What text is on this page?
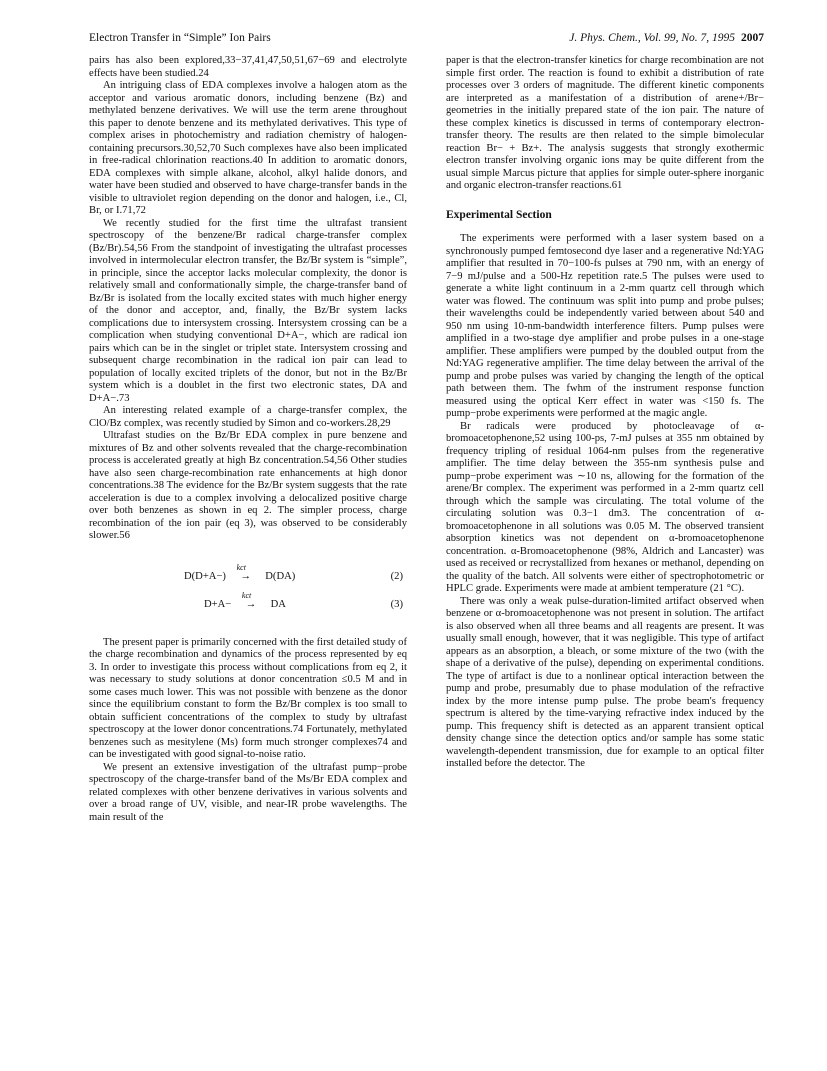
Electron Transfer in “Simple” Ion Pairs	J. Phys. Chem., Vol. 99, No. 7, 1995 2007

pairs has also been explored,33−37,41,47,50,51,67−69 and electrolyte effects have been studied.24

An intriguing class of EDA complexes involve a halogen atom as the acceptor and various aromatic donors, including benzene (Bz) and methylated benzene derivatives. We will use the term arene throughout this paper to denote benzene and its methylated derivatives. This type of complex arises in photochemistry and radiation chemistry of halogen-containing precursors.30,52,70 Such complexes have also been implicated in free-radical chlorination reactions.40 In addition to aromatic donors, EDA complexes with simple alkane, alcohol, alkyl halide donors, and water have been studied and observed to have charge-transfer bands in the visible to ultraviolet region depending on the donor and halogen, i.e., Cl, Br, or I.71,72

We recently studied for the first time the ultrafast transient spectroscopy of the benzene/Br radical charge-transfer complex (Bz/Br).54,56 From the standpoint of investigating the ultrafast processes involved in intermolecular electron transfer, the Bz/Br system is “simple”, in principle, since the acceptor lacks molecular complexity, the donor is relatively small and conformationally simple, the charge-transfer band of Bz/Br is isolated from the locally excited states with much higher energy of the donor and acceptor, and, finally, the Bz/Br system lacks complications due to intersystem crossing. Intersystem crossing can be a complication when studying conventional D+A−, which are radical ion pairs which can be in the singlet or triplet state. Intersystem crossing and subsequent charge recombination in the radical ion pair can lead to population of locally excited triplets of the donor, but not in the Bz/Br system which is a doublet in the first two electronic states, DA and D+A−.73

An interesting related example of a charge-transfer complex, the ClO/Bz complex, was recently studied by Simon and co-workers.28,29

Ultrafast studies on the Bz/Br EDA complex in pure benzene and mixtures of Bz and other solvents revealed that the charge-recombination process is accelerated greatly at high Bz concentration.54,56 Other studies have also seen charge-recombination rate enhancements at high donor concentrations.38 The evidence for the Bz/Br system suggests that the rate acceleration is due to a complex involving a delocalized positive charge over both benzenes as shown in eq 2. The simpler process, charge recombination of the ion pair (eq 3), was observed to be considerably slower.56

D(D+A−)
kct
→ D(DA)	(2)
D+A−
kct
→ DA	(3)

The present paper is primarily concerned with the first detailed study of the charge recombination and dynamics of the process represented by eq 3. In order to investigate this process without complications from eq 2, it was necessary to study solutions at donor concentration ≤0.5 M and in some cases much lower. This was not possible with benzene as the donor since the equilibrium constant to form the Bz/Br complex is too small to obtain sufficient concentrations of the complex to study by ultrafast spectroscopy at the lower donor concentrations.74 Fortunately, methylated benzenes such as mesitylene (Ms) form much stronger complexes74 and can be investigated with good signal-to-noise ratio.

We present an extensive investigation of the ultrafast pump−probe spectroscopy of the charge-transfer band of the Ms/Br EDA complex and related complexes with other benzene derivatives in various solvents and over a broad range of UV, visible, and near-IR probe wavelengths. The main result of the

paper is that the electron-transfer kinetics for charge recombination are not simple first order. The reaction is found to exhibit a distribution of rate processes over 3 orders of magnitude. The different kinetic components are interpreted as a manifestation of a distribution of arene+/Br− geometries in the initially prepared state of the ion pair. The nature of these complex kinetics is discussed in terms of contemporary electron-transfer theory. The results are then related to the simple bimolecular reaction Br− + Bz+. The analysis suggests that strongly exothermic electron transfer involving organic ions may be quite different from the usual simple Marcus picture that applies for simple outer-sphere inorganic and organic electron-transfer reactions.61

Experimental Section

The experiments were performed with a laser system based on a synchronously pumped femtosecond dye laser and a regenerative Nd:YAG amplifier that resulted in 70−100-fs pulses at 790 nm, with an energy of 7−9 mJ/pulse and a 500-Hz repetition rate.5 The pulses were used to generate a white light continuum in a 2-mm quartz cell through which water was flowed. The continuum was split into pump and probe pulses; their wavelengths could be independently varied between about 540 and 950 nm using 10-nm-bandwidth interference filters. Pump pulses were amplified in a two-stage dye amplifier and probe pulses in a one-stage amplifier. These amplifiers were pumped by the doubled output from the Nd:YAG regenerative amplifier. The time delay between the arrival of the pump and probe pulses was varied by changing the length of the optical path between them. The fwhm of the instrument response function measured using the optical Kerr effect in water was <150 fs. The pump−probe experiments were performed at the magic angle.

Br radicals were produced by photocleavage of α-bromoacetophenone,52 using 100-ps, 7-mJ pulses at 355 nm obtained by frequency tripling of residual 1064-nm pulses from the regenerative amplifier. The time delay between the 355-nm synthesis pulse and pump−probe experiment was ∼10 ns, allowing for the formation of the arene/Br complex. The experiment was performed in a 2-mm quartz cell through which the sample was circulating. The total volume of the circulating solution was 0.3−1 dm3. The concentration of α-bromoacetophenone in all solutions was 0.05 M. The observed transient absorption kinetics was not dependent on α-bromoacetophenone concentration. α-Bromoacetophenone (98%, Aldrich and Lancaster) was used as received or recrystallized from hexanes or methanol, depending on the quality of the batch. All solvents were either of spectrophotometric or HPLC grade. Experiments were made at ambient temperature (21 °C).

There was only a weak pulse-duration-limited artifact observed when benzene or α-bromoacetophenone was not present in solution. The artifact is also observed when all three beams and all reagents are present. It was usually small enough, however, that it was negligible. This type of artifact appears as an absorption, a bleach, or some mixture of the two (with the shape of a derivative of the pulse), depending on experimental conditions. The type of artifact is due to a nonlinear optical interaction between the pump and probe, presumably due to phase modulation of the refractive index by the more intense pump pulse. The probe beam's frequency spectrum is altered by the time-varying refractive index induced by the pump. This frequency shift is detected as an apparent transient optical density change since the detection optics and/or sample has some static wavelength-dependent transmission, due for example to an optical filter installed before the detector. The
